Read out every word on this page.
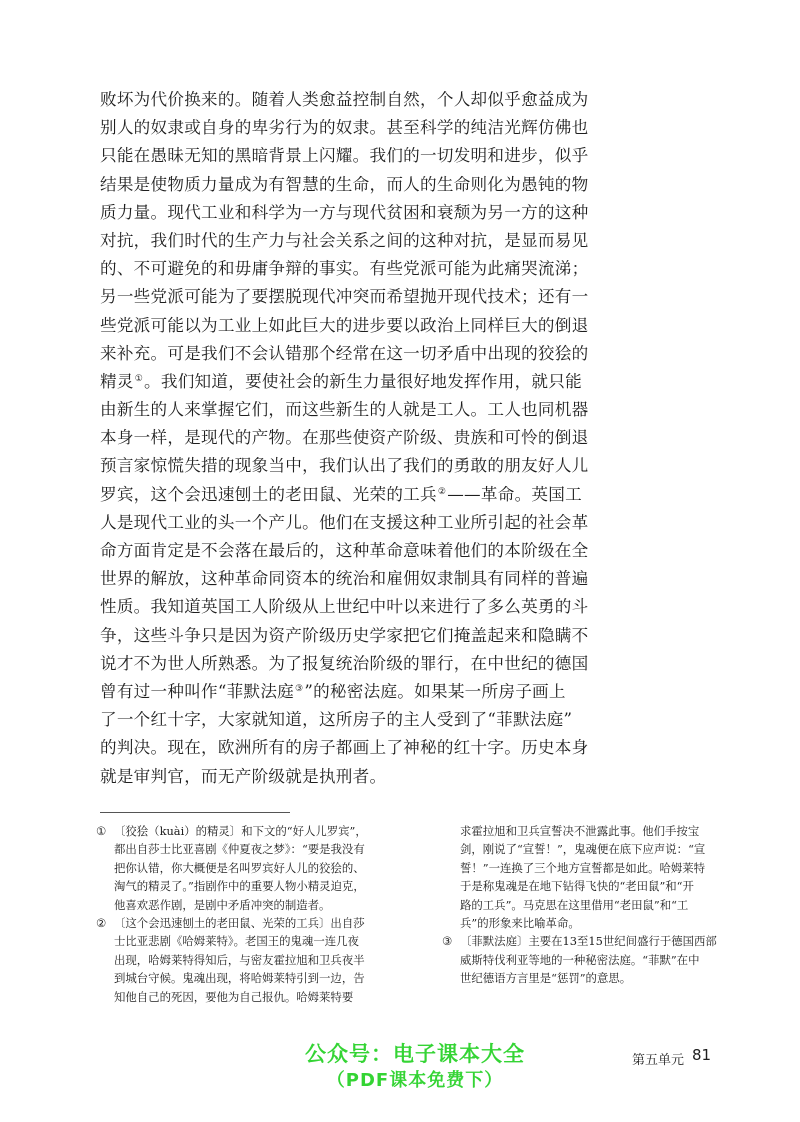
败坏为代价换来的。随着人类愈益控制自然，个人却似乎愈益成为
别人的奴隶或自身的卑劣行为的奴隶。甚至科学的纯洁光辉仿佛也
只能在愚昧无知的黑暗背景上闪耀。我们的一切发明和进步，似乎
结果是使物质力量成为有智慧的生命，而人的生命则化为愚钝的物
质力量。现代工业和科学为一方与现代贫困和衰颓为另一方的这种
对抗，我们时代的生产力与社会关系之间的这种对抗，是显而易见
的、不可避免的和毋庸争辩的事实。有些党派可能为此痛哭流涕；
另一些党派可能为了要摆脱现代冲突而希望抛开现代技术；还有一
些党派可能以为工业上如此巨大的进步要以政治上同样巨大的倒退
来补充。可是我们不会认错那个经常在这一切矛盾中出现的狡狯的
精灵①。我们知道，要使社会的新生力量很好地发挥作用，就只能
由新生的人来掌握它们，而这些新生的人就是工人。工人也同机器
本身一样，是现代的产物。在那些使资产阶级、贵族和可怜的倒退
预言家惊慌失措的现象当中，我们认出了我们的勇敢的朋友好人儿
罗宾，这个会迅速刨土的老田鼠、光荣的工兵②——革命。英国工
人是现代工业的头一个产儿。他们在支援这种工业所引起的社会革
命方面肯定是不会落在最后的，这种革命意味着他们的本阶级在全
世界的解放，这种革命同资本的统治和雇佣奴隶制具有同样的普遍
性质。我知道英国工人阶级从上世纪中叶以来进行了多么英勇的斗
争，这些斗争只是因为资产阶级历史学家把它们掩盖起来和隐瞒不
说才不为世人所熟悉。为了报复统治阶级的罪行，在中世纪的德国
曾有过一种叫作“菲默法庭③”的秘密法庭。如果某一所房子画上
了一个红十字，大家就知道，这所房子的主人受到了“菲默法庭”
的判决。现在，欧洲所有的房子都画上了神秘的红十字。历史本身
就是审判官，而无产阶级就是执刑者。
① 〔狡狯（kuài）的精灵〕和下文的“好人儿罗宾”，
都出自莎士比亚喜剧《仲夏夜之梦》：“要是我没有
把你认错，你大概便是名叫罗宾好人儿的狡狯的、
淘气的精灵了。”指剧作中的重要人物小精灵迫克，
他喜欢恶作剧，是剧中矛盾冲突的制造者。
② 〔这个会迅速刨土的老田鼠、光荣的工兵〕出自莎
士比亚悲剧《哈姆莱特》。老国王的鬼魂一连几夜
出现，哈姆莱特得知后，与密友霍拉旭和卫兵夜半
到城台守候。鬼魂出现，将哈姆莱特引到一边，告
知他自己的死因，要他为自己报仇。哈姆莱特要
求霍拉旭和卫兵宣誓决不泄露此事。他们手按宝
剑，刚说了“宣誓！”，鬼魂便在底下应声说：“宣
誓！”一连换了三个地方宣誓都是如此。哈姆莱特
于是称鬼魂是在地下钻得飞快的“老田鼠”和“开
路的工兵”。马克思在这里借用“老田鼠”和“工
兵”的形象来比喻革命。
③ 〔菲默法庭〕主要在13至15世纪间盛行于德国西部
威斯特伐利亚等地的一种秘密法庭。“菲默”在中
世纪德语方言里是“惩罚”的意思。
公众号：电子课本大全
（PDF课本免费下）
第五单元 81
